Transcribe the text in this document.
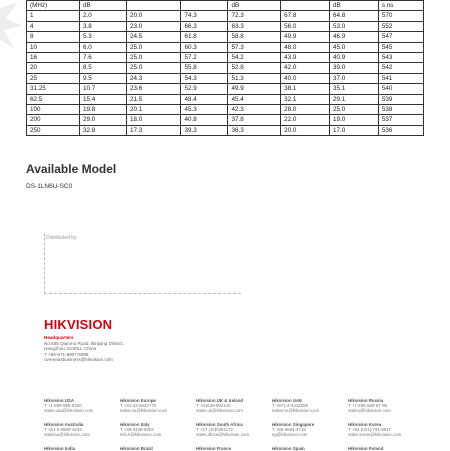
(MHz)	dB			dB		dB	s ns
1	2.0	20.0	74.3	72.3	67.8	64.8	570
4	3.8	23.0	66.3	63.3	56.0	53.0	552
8	5.3	24.5	61.8	58.8	49.9	46.9	547
10	6.0	25.0	60.3	57.3	48.0	45.0	545
16	7.6	25.0	57.2	54.2	43.9	40.9	543
20	8.5	25.0	55.8	52.8	42.0	39.0	542
25	9.5	24.3	54.3	51.3	40.0	37.0	541
31.25	10.7	23.6	52.9	49.9	38.1	35.1	540
62.5	15.4	21.5	48.4	45.4	32.1	29.1	539
100	19.8	20.1	45.3	42.3	28.0	25.0	538
200	29.0	18.0	40.8	37.8	22.0	19.0	537
250	32.8	17.3	39.3	36.3	20.0	17.0	536
Available Model
DS-1LN6U-SC0
Distributed by
HIKVISION
Headquarters
No.555 Qianmo Road, Binjiang District,
Hangzhou 310051, China
T +86-571-8807-5998
overseasbusiness@hikvision.com
Hikvision USA
T +1-909-895-0400
sales.usa@hikvision.com
Hikvision Europe
T +31-23-5542770
sales.eu@hikvision.com
Hikvision UK & Ireland
T +01628-902140
sales.uk@hikvision.com
Hikvision UAE
T +971-4-4432090
salesme@hikvision.com
Hikvision Russia
T +7-495-669-67-99
saleru@hikvision.com
Hikvision Australia
T +61-2-8599-4233
salesau@hikvision.com
Hikvision Italy
T +39-0438-6902
info.it@hikvision.com
Hikvision South Africa
T +27 (10)0351172
sales.africa@hikvision.com
Hikvision Singapore
T +65-6684-4718
sg@hikvision.com
Hikvision Korea
T +82-(031)-731-8817
sales.korea@hikvision.com
Hikvision India	Hikvision Brazil	Hikvision France	Hikvision Spain	Hikvision Poland
